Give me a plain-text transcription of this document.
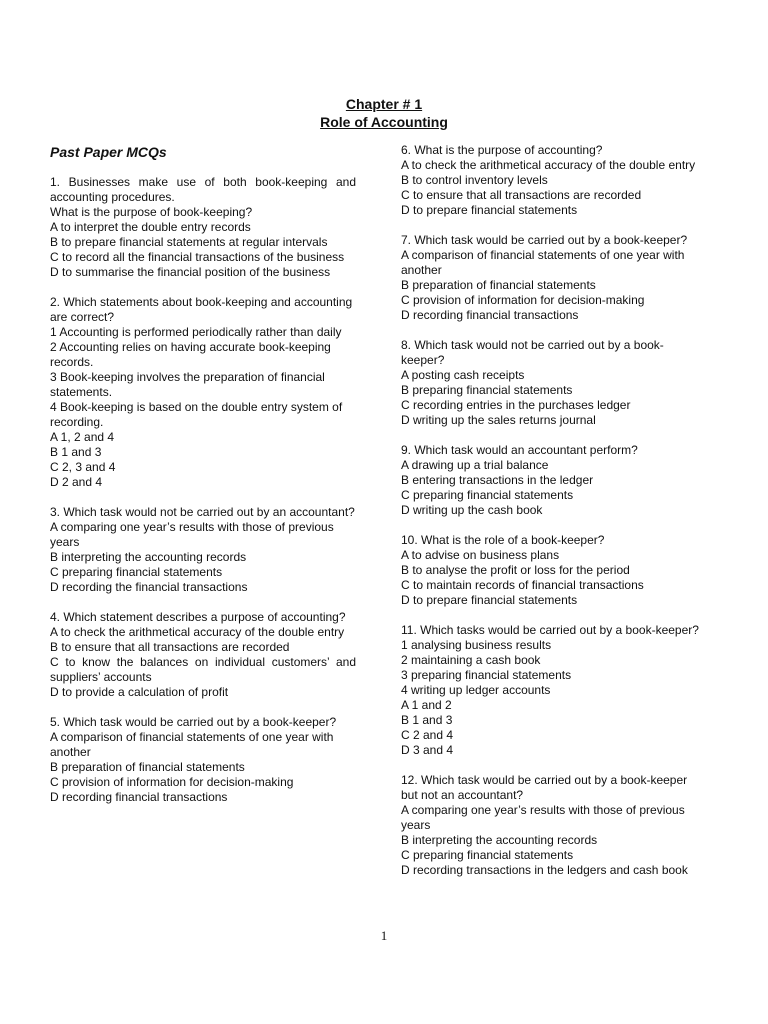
Chapter # 1
Role of Accounting
Past Paper MCQs
1. Businesses make use of both book-keeping and accounting procedures.
What is the purpose of book-keeping?
A to interpret the double entry records
B to prepare financial statements at regular intervals
C to record all the financial transactions of the business
D to summarise the financial position of the business
2. Which statements about book-keeping and accounting are correct?
1 Accounting is performed periodically rather than daily
2 Accounting relies on having accurate book-keeping records.
3 Book-keeping involves the preparation of financial statements.
4 Book-keeping is based on the double entry system of recording.
A 1, 2 and 4
B 1 and 3
C 2, 3 and 4
D 2 and 4
3. Which task would not be carried out by an accountant?
A comparing one year’s results with those of previous years
B interpreting the accounting records
C preparing financial statements
D recording the financial transactions
4. Which statement describes a purpose of accounting?
A to check the arithmetical accuracy of the double entry
B to ensure that all transactions are recorded
C to know the balances on individual customers’ and suppliers’ accounts
D to provide a calculation of profit
5. Which task would be carried out by a book-keeper?
A comparison of financial statements of one year with another
B preparation of financial statements
C provision of information for decision-making
D recording financial transactions
6. What is the purpose of accounting?
A to check the arithmetical accuracy of the double entry
B to control inventory levels
C to ensure that all transactions are recorded
D to prepare financial statements
7. Which task would be carried out by a book-keeper?
A comparison of financial statements of one year with another
B preparation of financial statements
C provision of information for decision-making
D recording financial transactions
8. Which task would not be carried out by a book-keeper?
A posting cash receipts
B preparing financial statements
C recording entries in the purchases ledger
D writing up the sales returns journal
9. Which task would an accountant perform?
A drawing up a trial balance
B entering transactions in the ledger
C preparing financial statements
D writing up the cash book
10. What is the role of a book-keeper?
A to advise on business plans
B to analyse the profit or loss for the period
C to maintain records of financial transactions
D to prepare financial statements
11. Which tasks would be carried out by a book-keeper?
1 analysing business results
2 maintaining a cash book
3 preparing financial statements
4 writing up ledger accounts
A 1 and 2
B 1 and 3
C 2 and 4
D 3 and 4
12. Which task would be carried out by a book-keeper but not an accountant?
A comparing one year’s results with those of previous years
B interpreting the accounting records
C preparing financial statements
D recording transactions in the ledgers and cash book
1
